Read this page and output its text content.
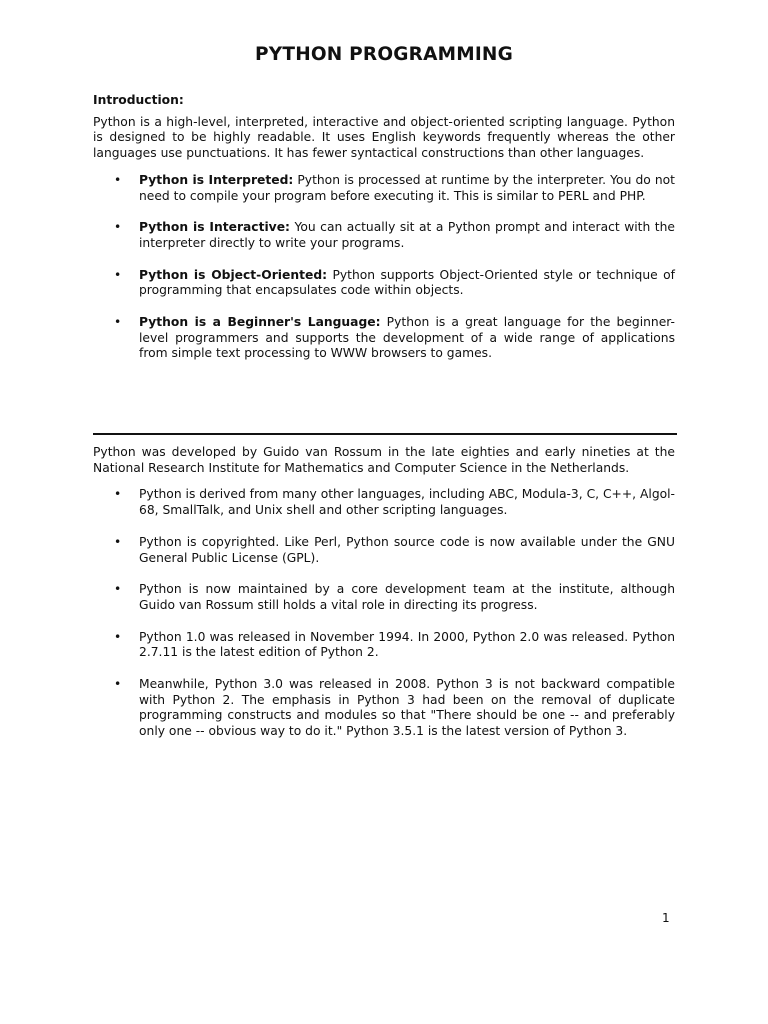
PYTHON PROGRAMMING
Introduction:

Python is a high-level, interpreted, interactive and object-oriented scripting language. Python is designed to be highly readable. It uses English keywords frequently whereas the other languages use punctuations. It has fewer syntactical constructions than other languages.

• Python is Interpreted: Python is processed at runtime by the interpreter. You do not need to compile your program before executing it. This is similar to PERL and PHP.
• Python is Interactive: You can actually sit at a Python prompt and interact with the interpreter directly to write your programs.
• Python is Object-Oriented: Python supports Object-Oriented style or technique of programming that encapsulates code within objects.
• Python is a Beginner's Language: Python is a great language for the beginner-level programmers and supports the development of a wide range of applications from simple text processing to WWW browsers to games.

Python was developed by Guido van Rossum in the late eighties and early nineties at the National Research Institute for Mathematics and Computer Science in the Netherlands.

• Python is derived from many other languages, including ABC, Modula-3, C, C++, Algol-68, SmallTalk, and Unix shell and other scripting languages.
• Python is copyrighted. Like Perl, Python source code is now available under the GNU General Public License (GPL).
• Python is now maintained by a core development team at the institute, although Guido van Rossum still holds a vital role in directing its progress.
• Python 1.0 was released in November 1994. In 2000, Python 2.0 was released. Python 2.7.11 is the latest edition of Python 2.
• Meanwhile, Python 3.0 was released in 2008. Python 3 is not backward compatible with Python 2. The emphasis in Python 3 had been on the removal of duplicate programming constructs and modules so that "There should be one -- and preferably only one -- obvious way to do it." Python 3.5.1 is the latest version of Python 3.
1
